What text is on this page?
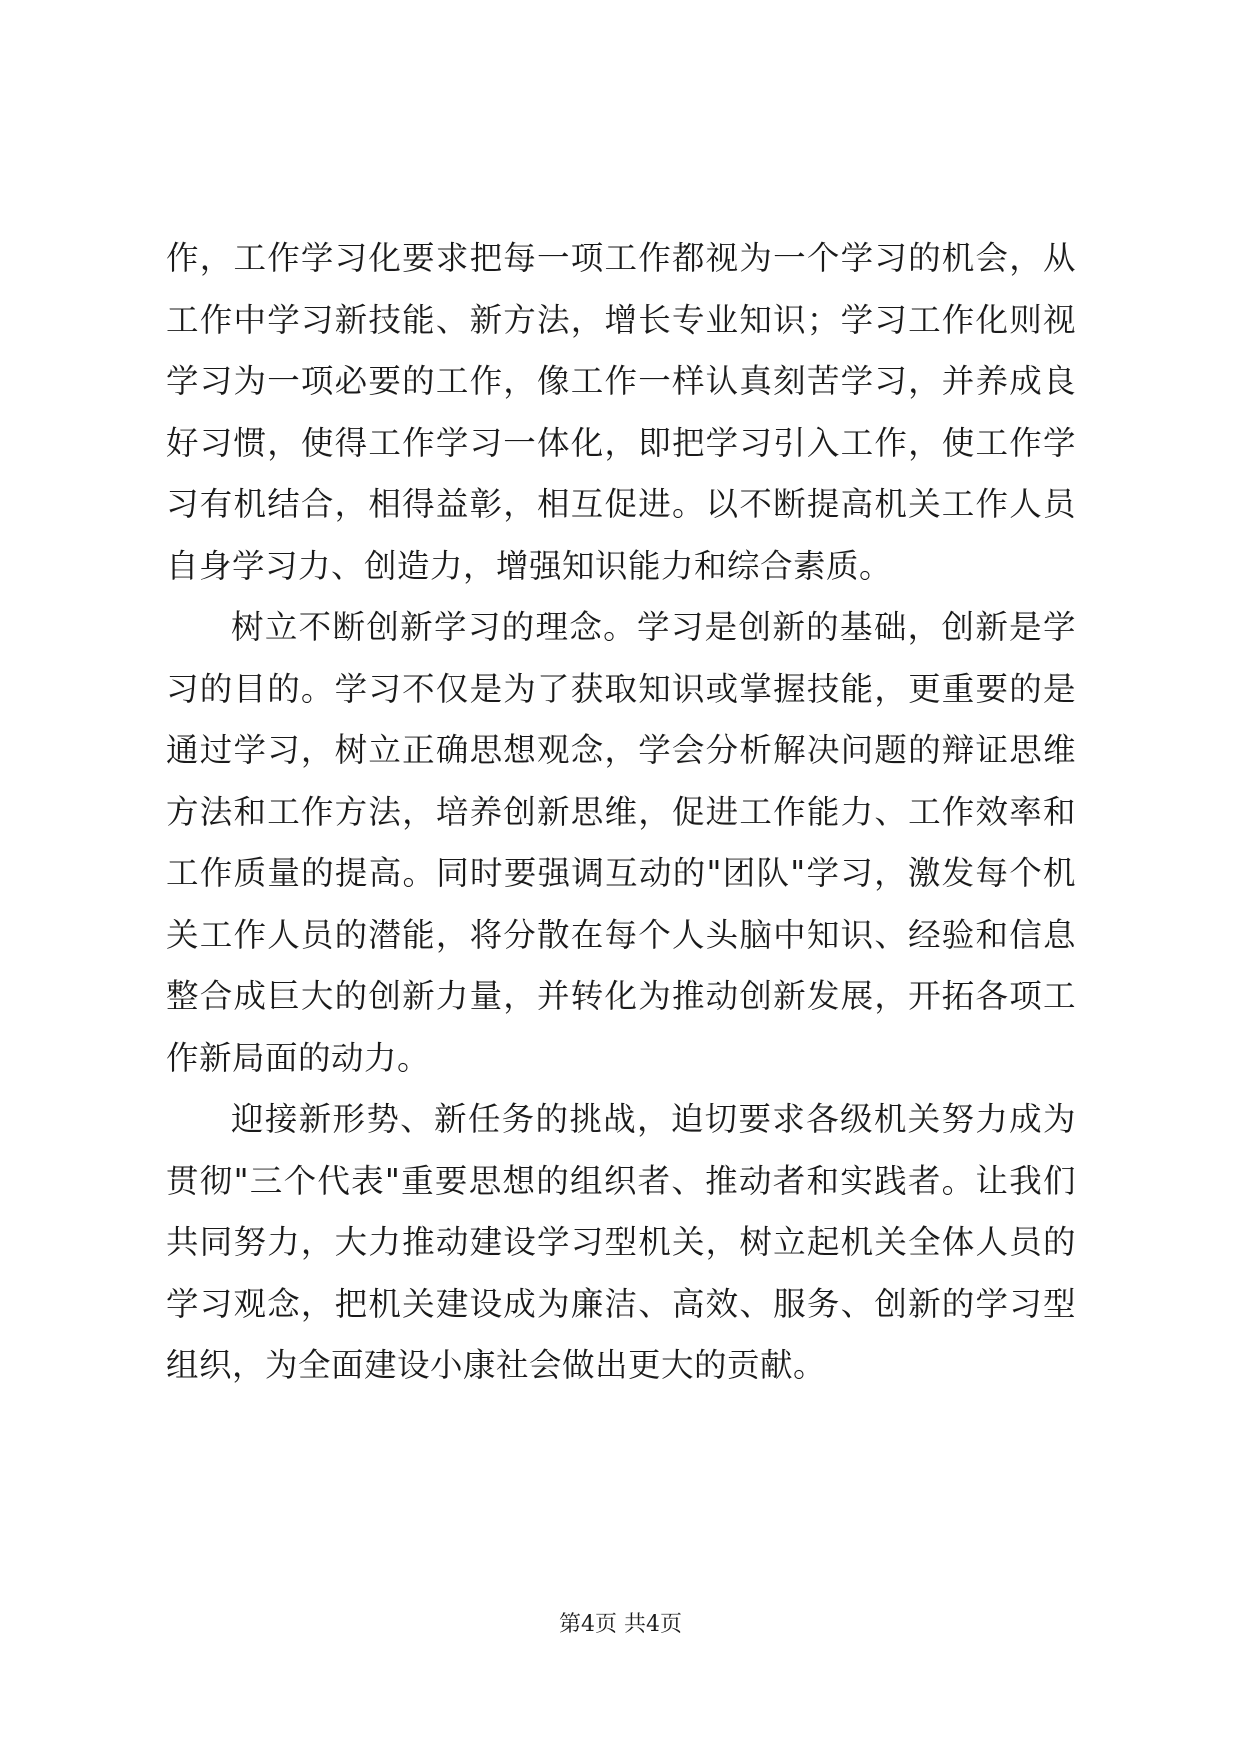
作，工作学习化要求把每一项工作都视为一个学习的机会，从工作中学习新技能、新方法，增长专业知识；学习工作化则视学习为一项必要的工作，像工作一样认真刻苦学习，并养成良好习惯，使得工作学习一体化，即把学习引入工作，使工作学习有机结合，相得益彰，相互促进。以不断提高机关工作人员自身学习力、创造力，增强知识能力和综合素质。

树立不断创新学习的理念。学习是创新的基础，创新是学习的目的。学习不仅是为了获取知识或掌握技能，更重要的是通过学习，树立正确思想观念，学会分析解决问题的辩证思维方法和工作方法，培养创新思维，促进工作能力、工作效率和工作质量的提高。同时要强调互动的"团队"学习，激发每个机关工作人员的潜能，将分散在每个人头脑中知识、经验和信息整合成巨大的创新力量，并转化为推动创新发展，开拓各项工作新局面的动力。

迎接新形势、新任务的挑战，迫切要求各级机关努力成为贯彻"三个代表"重要思想的组织者、推动者和实践者。让我们共同努力，大力推动建设学习型机关，树立起机关全体人员的学习观念，把机关建设成为廉洁、高效、服务、创新的学习型组织，为全面建设小康社会做出更大的贡献。

第4页 共4页
